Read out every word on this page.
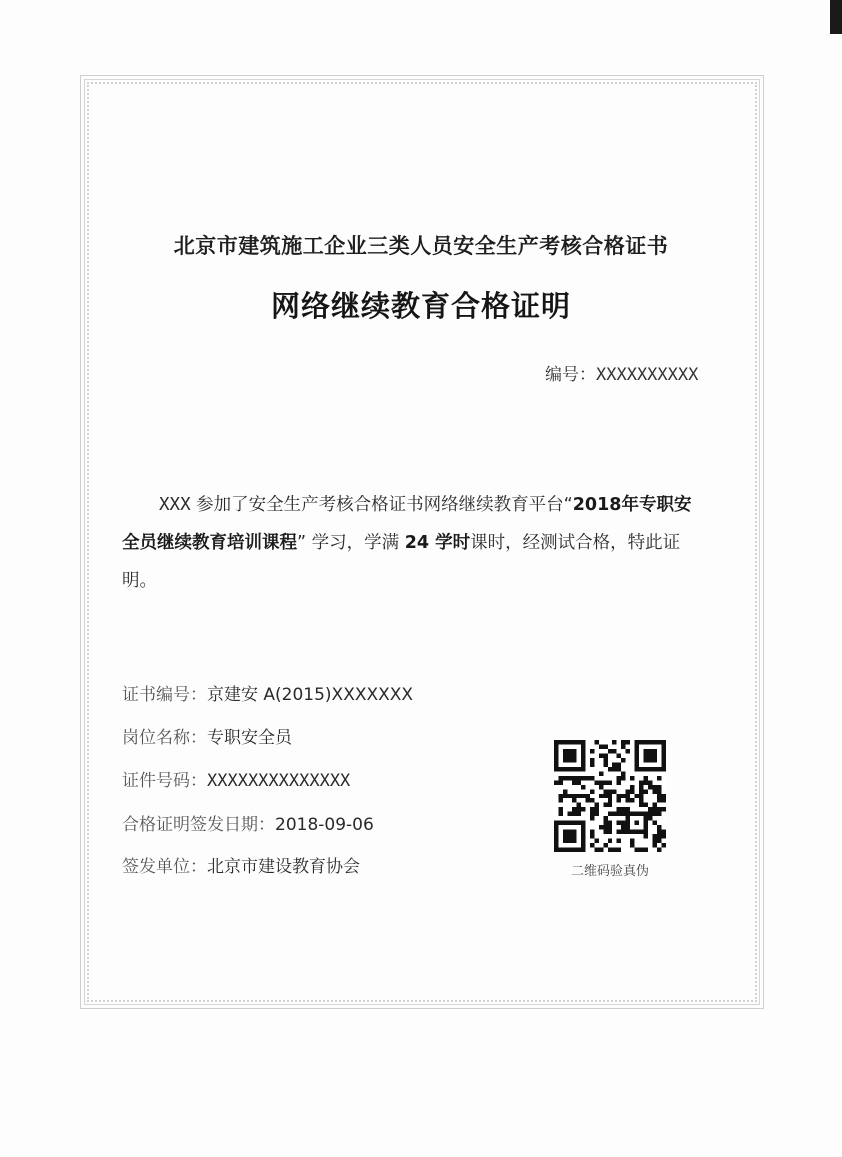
北京市建筑施工企业三类人员安全生产考核合格证书
网络继续教育合格证明
编号：XXXXXXXXXX
XXX 参加了安全生产考核合格证书网络继续教育平台“2018年专职安全员继续教育培训课程” 学习，学满 24 学时课时，经测试合格，特此证明。
证书编号：京建安 A(2015)XXXXXXX
岗位名称：专职安全员
证件号码：XXXXXXXXXXXXXX
合格证明签发日期：2018-09-06
签发单位：北京市建设教育协会	二维码验真伪
